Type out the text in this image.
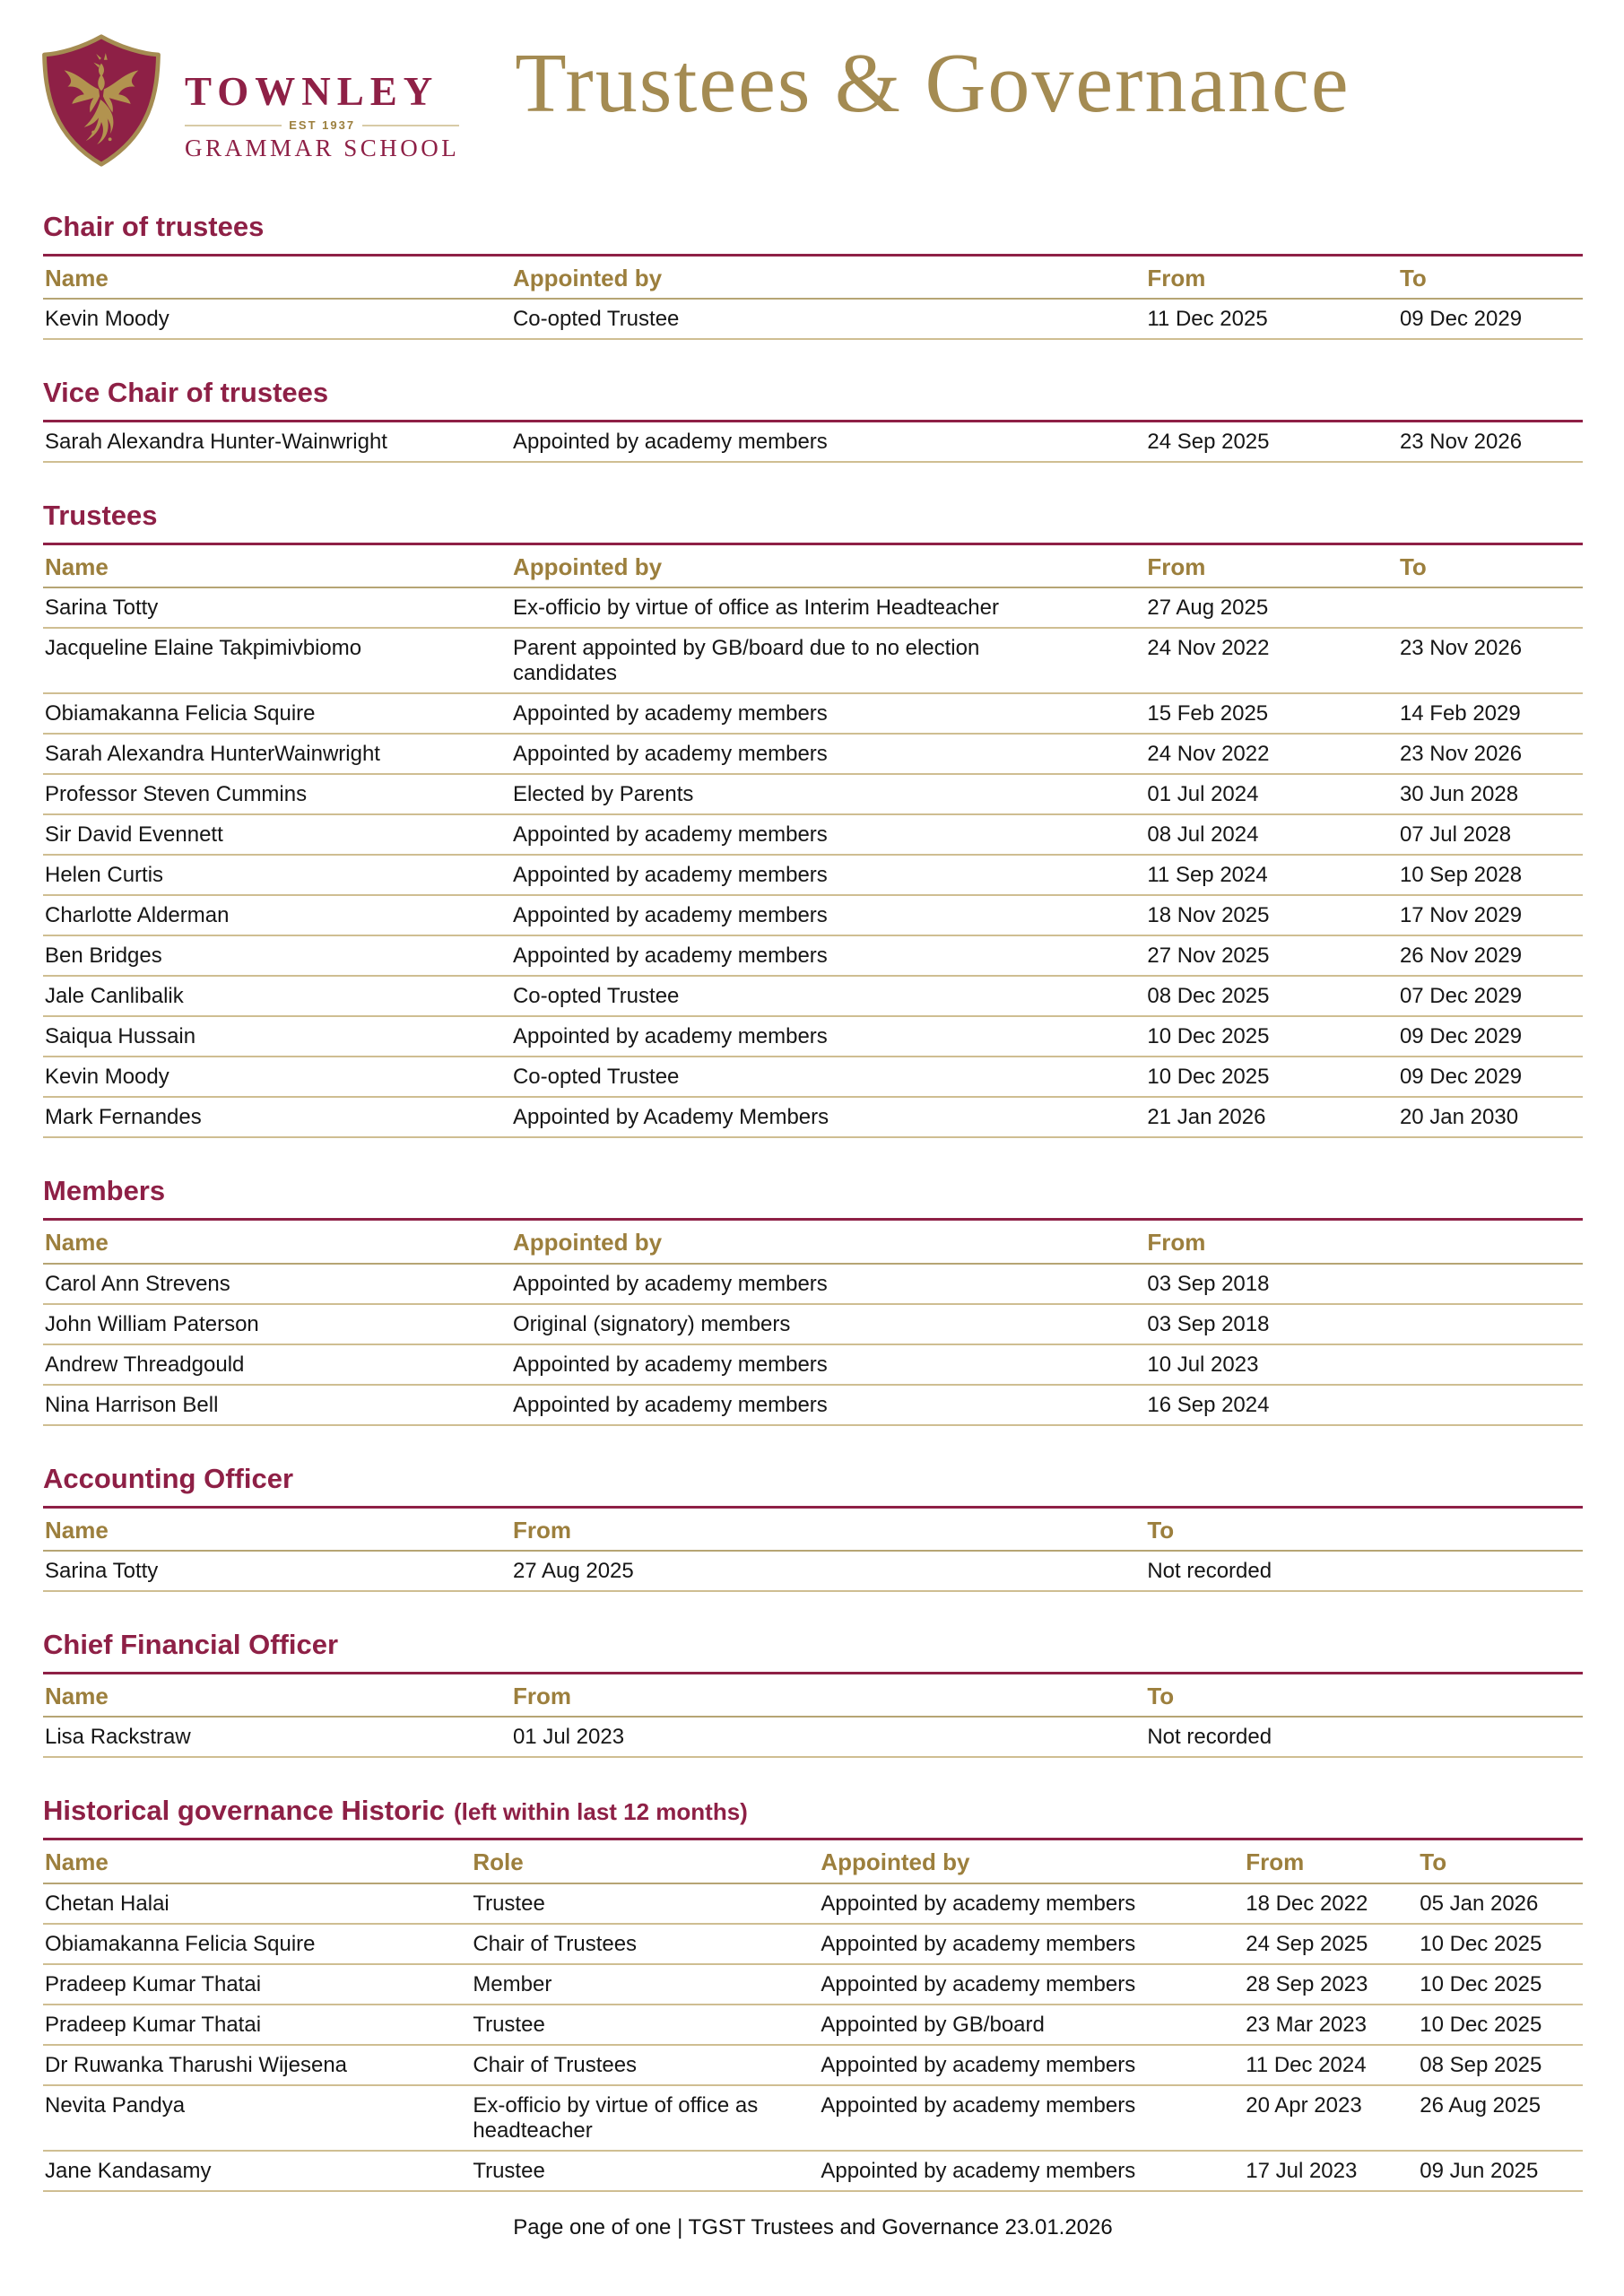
TOWNLEY
EST 1937
GRAMMAR SCHOOL
Trustees & Governance
Chair of trustees
Name	Appointed by	From	To
Kevin Moody	Co-opted Trustee	11 Dec 2025	09 Dec 2029
Vice Chair of trustees
Sarah Alexandra Hunter-Wainwright	Appointed by academy members	24 Sep 2025	23 Nov 2026
Trustees
Name	Appointed by	From	To
Sarina Totty	Ex-officio by virtue of office as Interim Headteacher	27 Aug 2025	
Jacqueline Elaine Takpimivbiomo	Parent appointed by GB/board due to no election candidates	24 Nov 2022	23 Nov 2026
Obiamakanna Felicia Squire	Appointed by academy members	15 Feb 2025	14 Feb 2029
Sarah Alexandra HunterWainwright	Appointed by academy members	24 Nov 2022	23 Nov 2026
Professor Steven Cummins	Elected by Parents	01 Jul 2024	30 Jun 2028
Sir David Evennett	Appointed by academy members	08 Jul 2024	07 Jul 2028
Helen Curtis	Appointed by academy members	11 Sep 2024	10 Sep 2028
Charlotte Alderman	Appointed by academy members	18 Nov 2025	17 Nov 2029
Ben Bridges	Appointed by academy members	27 Nov 2025	26 Nov 2029
Jale Canlibalik	Co-opted Trustee	08 Dec 2025	07 Dec 2029
Saiqua Hussain	Appointed by academy members	10 Dec 2025	09 Dec 2029
Kevin Moody	Co-opted Trustee	10 Dec 2025	09 Dec 2029
Mark Fernandes	Appointed by Academy Members	21 Jan 2026	20 Jan 2030
Members
Name	Appointed by	From
Carol Ann Strevens	Appointed by academy members	03 Sep 2018
John William Paterson	Original (signatory) members	03 Sep 2018
Andrew Threadgould	Appointed by academy members	10 Jul 2023
Nina Harrison Bell	Appointed by academy members	16 Sep 2024
Accounting Officer
Name	From	To
Sarina Totty	27 Aug 2025	Not recorded
Chief Financial Officer
Name	From	To
Lisa Rackstraw	01 Jul 2023	Not recorded
Historical governance Historic (left within last 12 months)
Name	Role	Appointed by	From	To
Chetan Halai	Trustee	Appointed by academy members	18 Dec 2022	05 Jan 2026
Obiamakanna Felicia Squire	Chair of Trustees	Appointed by academy members	24 Sep 2025	10 Dec 2025
Pradeep Kumar Thatai	Member	Appointed by academy members	28 Sep 2023	10 Dec 2025
Pradeep Kumar Thatai	Trustee	Appointed by GB/board	23 Mar 2023	10 Dec 2025
Dr Ruwanka Tharushi Wijesena	Chair of Trustees	Appointed by academy members	11 Dec 2024	08 Sep 2025
Nevita Pandya	Ex-officio by virtue of office as headteacher	Appointed by academy members	20 Apr 2023	26 Aug 2025
Jane Kandasamy	Trustee	Appointed by academy members	17 Jul 2023	09 Jun 2025
Page one of one | TGST Trustees and Governance 23.01.2026
